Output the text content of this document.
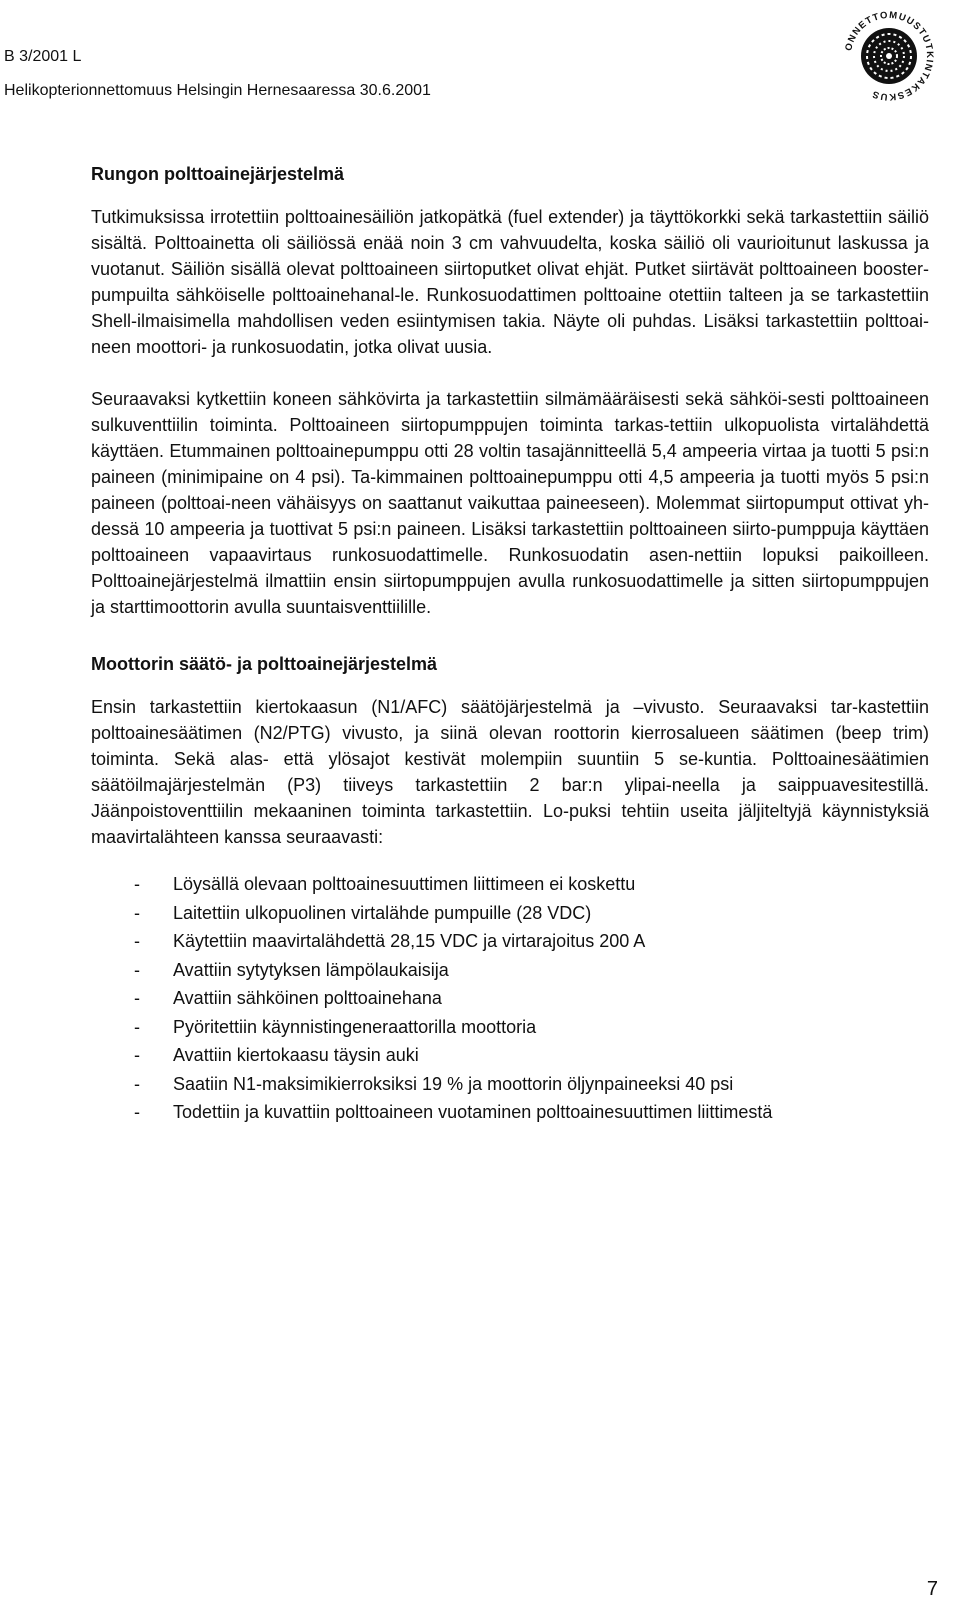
B 3/2001 L
Helikopterionnettomuus Helsingin Hernesaaressa 30.6.2001
ONNETTOMUUSTUTKINTAKESKUS
Rungon polttoainejärjestelmä

Tutkimuksissa irrotettiin polttoainesäiliön jatkopätkä (fuel extender) ja täyttökorkki sekä tarkastettiin säiliö sisältä. Polttoainetta oli säiliössä enää noin 3 cm vahvuudelta, koska säiliö oli vaurioitunut laskussa ja vuotanut. Säiliön sisällä olevat polttoaineen siirtoputket olivat ehjät. Putket siirtävät polttoaineen booster-pumpuilta sähköiselle polttoainehanal-le. Runkosuodattimen polttoaine otettiin talteen ja se tarkastettiin Shell-ilmaisimella mahdollisen veden esiintymisen takia. Näyte oli puhdas. Lisäksi tarkastettiin polttoai-neen moottori- ja runkosuodatin, jotka olivat uusia.

Seuraavaksi kytkettiin koneen sähkövirta ja tarkastettiin silmämääräisesti sekä sähköi-sesti polttoaineen sulkuventtiilin toiminta. Polttoaineen siirtopumppujen toiminta tarkas-tettiin ulkopuolista virtalähdettä käyttäen. Etummainen polttoainepumppu otti 28 voltin tasajännitteellä 5,4 ampeeria virtaa ja tuotti 5 psi:n paineen (minimipaine on 4 psi). Ta-kimmainen polttoainepumppu otti 4,5 ampeeria ja tuotti myös 5 psi:n paineen (polttoai-neen vähäisyys on saattanut vaikuttaa paineeseen). Molemmat siirtopumput ottivat yh-dessä 10 ampeeria ja tuottivat 5 psi:n paineen. Lisäksi tarkastettiin polttoaineen siirto-pumppuja käyttäen polttoaineen vapaavirtaus runkosuodattimelle. Runkosuodatin asen-nettiin lopuksi paikoilleen. Polttoainejärjestelmä ilmattiin ensin siirtopumppujen avulla runkosuodattimelle ja sitten siirtopumppujen ja starttimoottorin avulla suuntaisventtiilille.

Moottorin säätö- ja polttoainejärjestelmä

Ensin tarkastettiin kiertokaasun (N1/AFC) säätöjärjestelmä ja –vivusto. Seuraavaksi tar-kastettiin polttoainesäätimen (N2/PTG) vivusto, ja siinä olevan roottorin kierrosalueen säätimen (beep trim) toiminta. Sekä alas- että ylösajot kestivät molempiin suuntiin 5 se-kuntia. Polttoainesäätimien säätöilmajärjestelmän (P3) tiiveys tarkastettiin 2 bar:n ylipai-neella ja saippuavesitestillä. Jäänpoistoventtiilin mekaaninen toiminta tarkastettiin. Lo-puksi tehtiin useita jäljiteltyjä käynnistyksiä maavirtalähteen kanssa seuraavasti:

- Löysällä olevaan polttoainesuuttimen liittimeen ei koskettu
- Laitettiin ulkopuolinen virtalähde pumpuille (28 VDC)
- Käytettiin maavirtalähdettä 28,15 VDC ja virtarajoitus 200 A
- Avattiin sytytyksen lämpölaukaisija
- Avattiin sähköinen polttoainehana
- Pyöritettiin käynnistingeneraattorilla moottoria
- Avattiin kiertokaasu täysin auki
- Saatiin N1-maksimikierroksiksi 19 % ja moottorin öljynpaineeksi 40 psi
- Todettiin ja kuvattiin polttoaineen vuotaminen polttoainesuuttimen liittimestä
7
